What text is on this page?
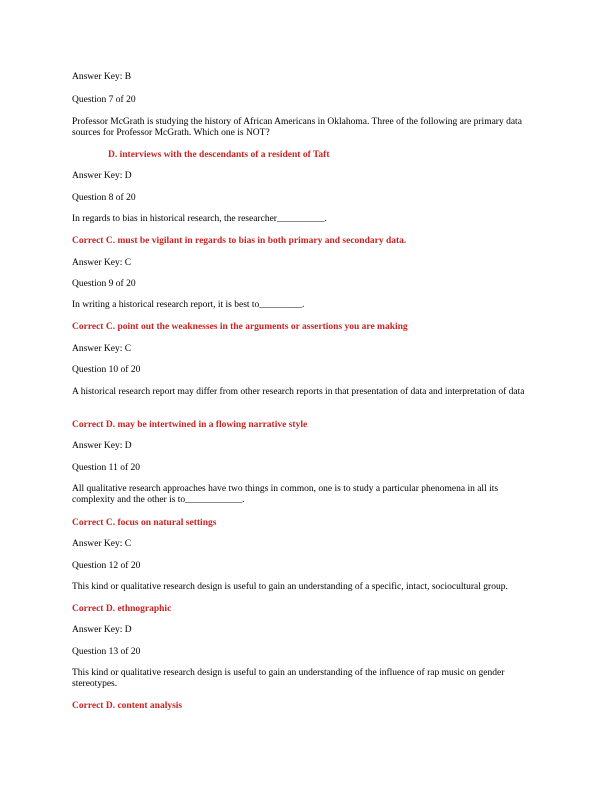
Answer Key: B
Question 7 of 20
Professor McGrath is studying the history of African Americans in Oklahoma. Three of the following are primary data sources for Professor McGrath. Which one is NOT?
D. interviews with the descendants of a resident of Taft
Answer Key: D
Question 8 of 20
In regards to bias in historical research, the researcher__________.
Correct C. must be vigilant in regards to bias in both primary and secondary data.
Answer Key: C
Question 9 of 20
In writing a historical research report, it is best to_________.
Correct C. point out the weaknesses in the arguments or assertions you are making
Answer Key: C
Question 10 of 20
A historical research report may differ from other research reports in that presentation of data and interpretation of data
Correct D. may be intertwined in a flowing narrative style
Answer Key: D
Question 11 of 20
All qualitative research approaches have two things in common, one is to study a particular phenomena in all its complexity and the other is to____________.
Correct C. focus on natural settings
Answer Key: C
Question 12 of 20
This kind or qualitative research design is useful to gain an understanding of a specific, intact, sociocultural group.
Correct D. ethnographic
Answer Key: D
Question 13 of 20
This kind or qualitative research design is useful to gain an understanding of the influence of rap music on gender stereotypes.
Correct D. content analysis
